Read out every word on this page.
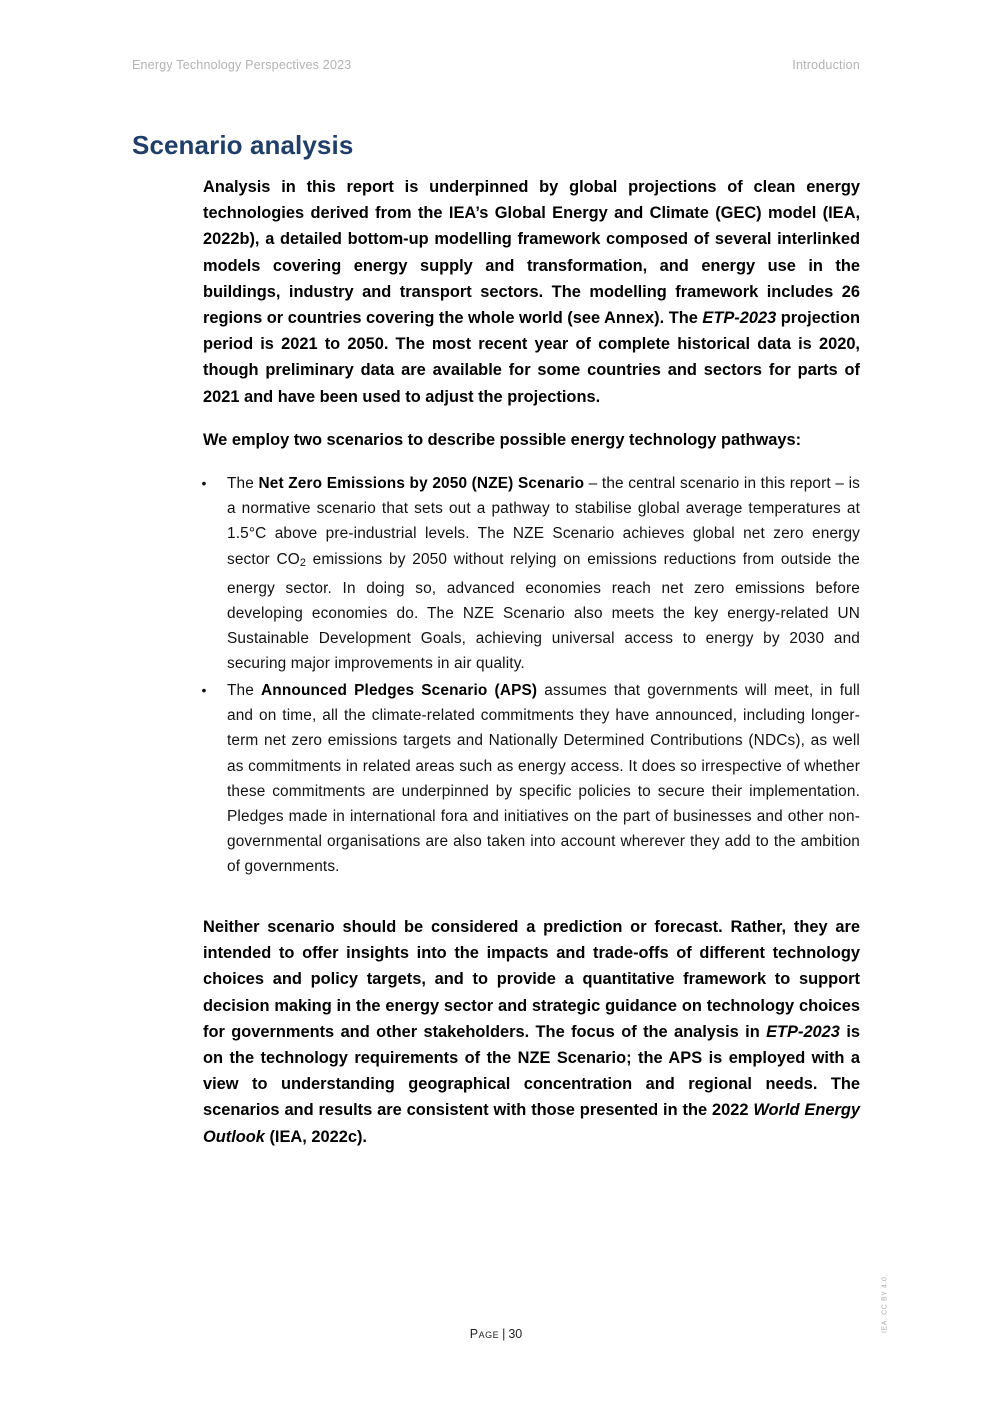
Energy Technology Perspectives 2023	Introduction
Scenario analysis

Analysis in this report is underpinned by global projections of clean energy technologies derived from the IEA’s Global Energy and Climate (GEC) model (IEA, 2022b), a detailed bottom-up modelling framework composed of several interlinked models covering energy supply and transformation, and energy use in the buildings, industry and transport sectors. The modelling framework includes 26 regions or countries covering the whole world (see Annex). The ETP-2023 projection period is 2021 to 2050. The most recent year of complete historical data is 2020, though preliminary data are available for some countries and sectors for parts of 2021 and have been used to adjust the projections.

We employ two scenarios to describe possible energy technology pathways:

• The Net Zero Emissions by 2050 (NZE) Scenario – the central scenario in this report – is a normative scenario that sets out a pathway to stabilise global average temperatures at 1.5°C above pre-industrial levels. The NZE Scenario achieves global net zero energy sector CO2 emissions by 2050 without relying on emissions reductions from outside the energy sector. In doing so, advanced economies reach net zero emissions before developing economies do. The NZE Scenario also meets the key energy-related UN Sustainable Development Goals, achieving universal access to energy by 2030 and securing major improvements in air quality.
• The Announced Pledges Scenario (APS) assumes that governments will meet, in full and on time, all the climate-related commitments they have announced, including longer-term net zero emissions targets and Nationally Determined Contributions (NDCs), as well as commitments in related areas such as energy access. It does so irrespective of whether these commitments are underpinned by specific policies to secure their implementation. Pledges made in international fora and initiatives on the part of businesses and other non-governmental organisations are also taken into account wherever they add to the ambition of governments.

Neither scenario should be considered a prediction or forecast. Rather, they are intended to offer insights into the impacts and trade-offs of different technology choices and policy targets, and to provide a quantitative framework to support decision making in the energy sector and strategic guidance on technology choices for governments and other stakeholders. The focus of the analysis in ETP-2023 is on the technology requirements of the NZE Scenario; the APS is employed with a view to understanding geographical concentration and regional needs. The scenarios and results are consistent with those presented in the 2022 World Energy Outlook (IEA, 2022c).

Page | 30
IEA. CC BY 4.0.
